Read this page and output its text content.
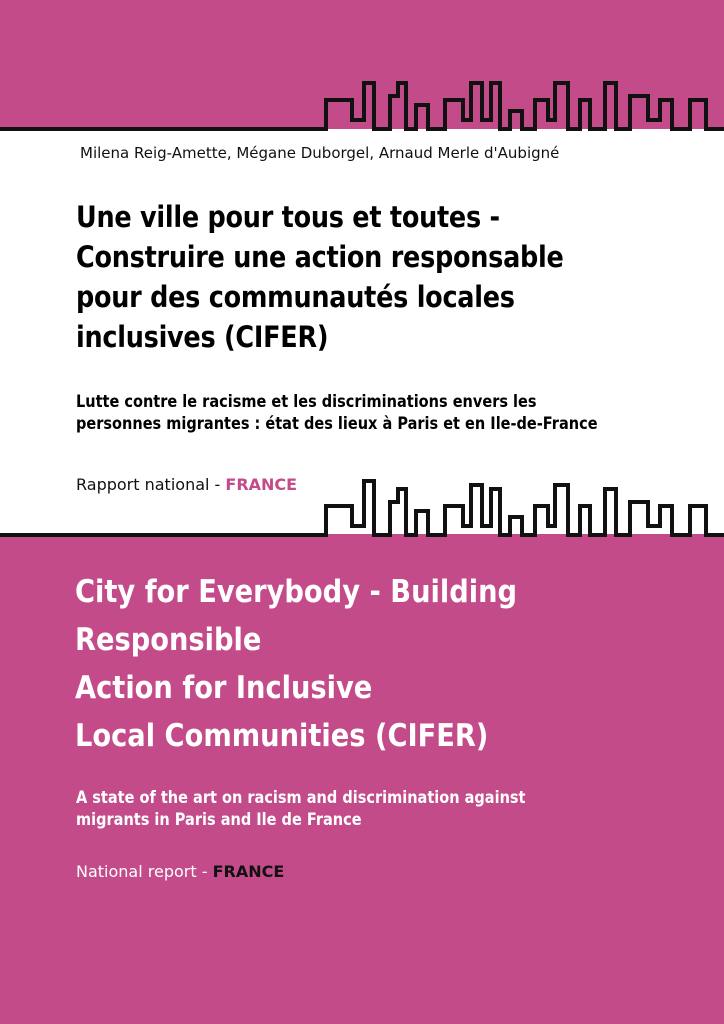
Milena Reig-Amette, Mégane Duborgel, Arnaud Merle d'Aubigné
Une ville pour tous et toutes -
Construire une action responsable
pour des communautés locales
inclusives (CIFER)

Lutte contre le racisme et les discriminations envers les
personnes migrantes : état des lieux à Paris et en Ile-de-France

Rapport national - FRANCE
City for Everybody - Building
Responsible
Action for Inclusive
Local Communities (CIFER)

A state of the art on racism and discrimination against
migrants in Paris and Ile de France

National report - FRANCE
